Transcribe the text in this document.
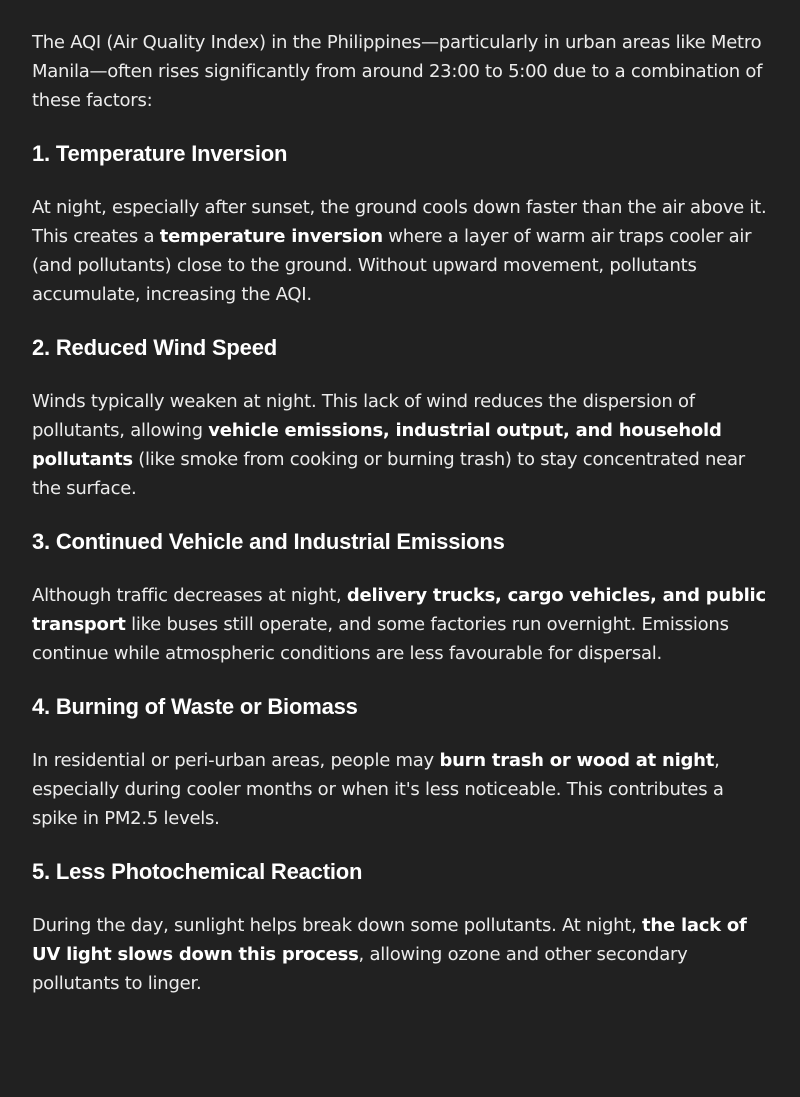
The AQI (Air Quality Index) in the Philippines—particularly in urban areas like Metro Manila—often rises significantly from around 23:00 to 5:00 due to a combination of these factors:

1. Temperature Inversion

At night, especially after sunset, the ground cools down faster than the air above it. This creates a temperature inversion where a layer of warm air traps cooler air (and pollutants) close to the ground. Without upward movement, pollutants accumulate, increasing the AQI.

2. Reduced Wind Speed

Winds typically weaken at night. This lack of wind reduces the dispersion of pollutants, allowing vehicle emissions, industrial output, and household pollutants (like smoke from cooking or burning trash) to stay concentrated near the surface.

3. Continued Vehicle and Industrial Emissions

Although traffic decreases at night, delivery trucks, cargo vehicles, and public transport like buses still operate, and some factories run overnight. Emissions continue while atmospheric conditions are less favourable for dispersal.

4. Burning of Waste or Biomass

In residential or peri-urban areas, people may burn trash or wood at night, especially during cooler months or when it's less noticeable. This contributes a spike in PM2.5 levels.

5. Less Photochemical Reaction

During the day, sunlight helps break down some pollutants. At night, the lack of UV light slows down this process, allowing ozone and other secondary pollutants to linger.
